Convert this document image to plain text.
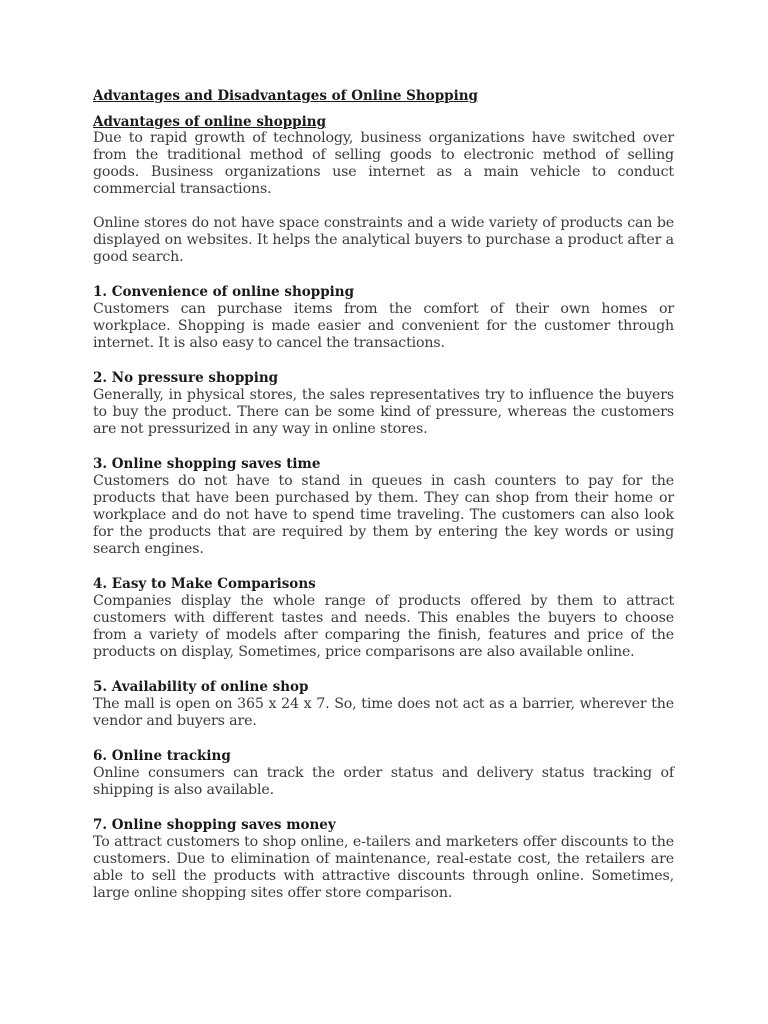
Advantages and Disadvantages of Online Shopping
Advantages of online shopping

Due to rapid growth of technology, business organizations have switched over from the traditional method of selling goods to electronic method of selling goods. Business organizations use internet as a main vehicle to conduct commercial transactions.

Online stores do not have space constraints and a wide variety of products can be displayed on websites. It helps the analytical buyers to purchase a product after a good search.

1. Convenience of online shopping

Customers can purchase items from the comfort of their own homes or workplace. Shopping is made easier and convenient for the customer through internet. It is also easy to cancel the transactions.

2. No pressure shopping

Generally, in physical stores, the sales representatives try to influence the buyers to buy the product. There can be some kind of pressure, whereas the customers are not pressurized in any way in online stores.

3. Online shopping saves time

Customers do not have to stand in queues in cash counters to pay for the products that have been purchased by them. They can shop from their home or workplace and do not have to spend time traveling. The customers can also look for the products that are required by them by entering the key words or using search engines.

4. Easy to Make Comparisons

Companies display the whole range of products offered by them to attract customers with different tastes and needs. This enables the buyers to choose from a variety of models after comparing the finish, features and price of the products on display, Sometimes, price comparisons are also available online.

5. Availability of online shop

The mall is open on 365 x 24 x 7. So, time does not act as a barrier, wherever the vendor and buyers are.

6. Online tracking

Online consumers can track the order status and delivery status tracking of shipping is also available.

7. Online shopping saves money

To attract customers to shop online, e-tailers and marketers offer discounts to the customers. Due to elimination of maintenance, real-estate cost, the retailers are able to sell the products with attractive discounts through online. Sometimes, large online shopping sites offer store comparison.
